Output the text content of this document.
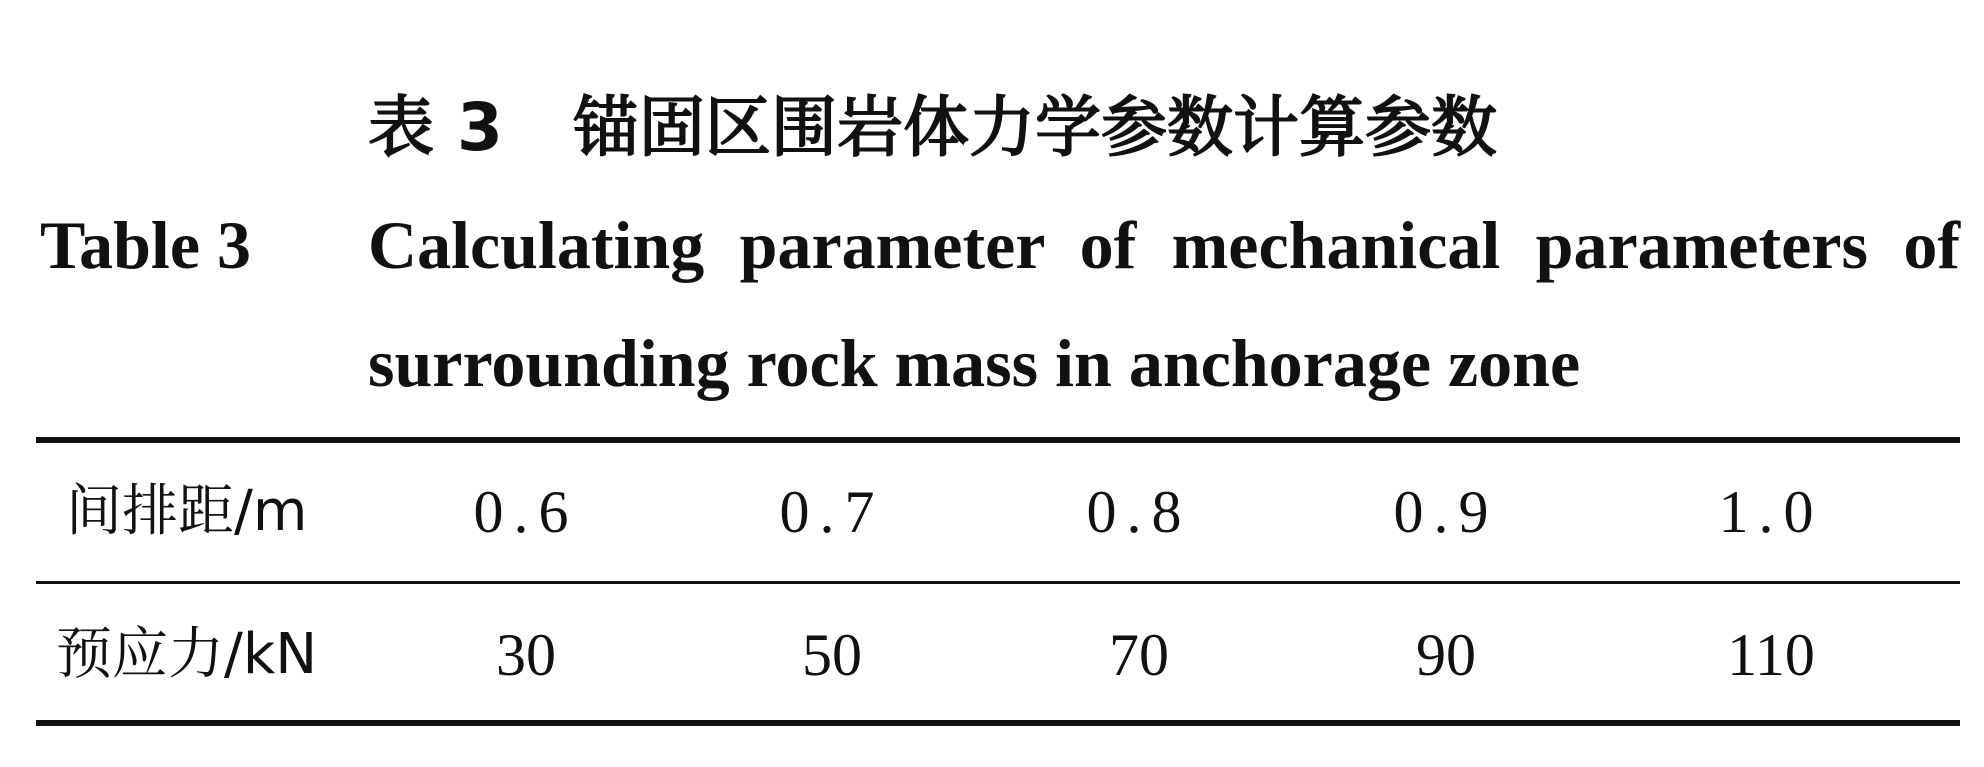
表 3 锚固区围岩体力学参数计算参数
Table 3 Calculating parameter of mechanical parameters of surrounding rock mass in anchorage zone
间排距/m	0.6	0.7	0.8	0.9	1.0
预应力/kN	30	50	70	90	110
